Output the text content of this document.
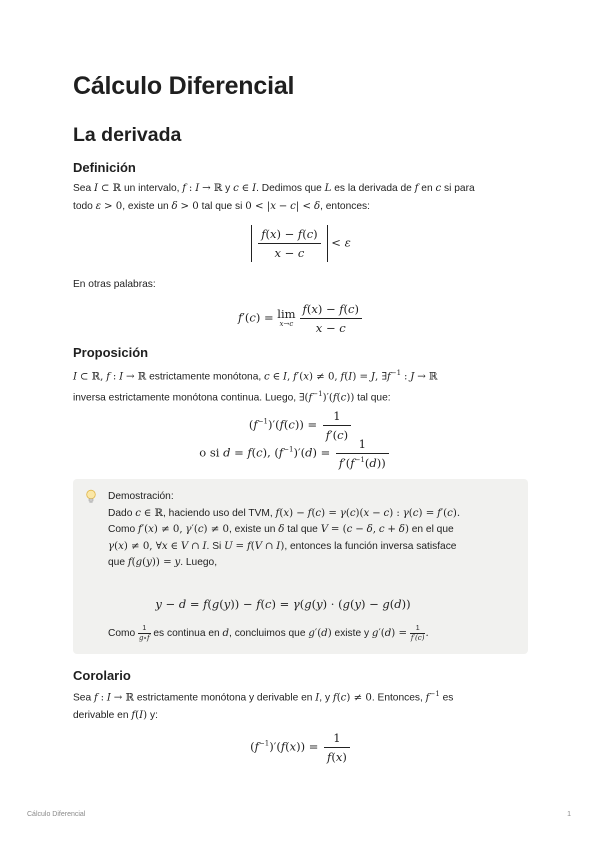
Cálculo Diferencial
La derivada
Definición
Sea I ⊂ ℝ un intervalo, f : I → ℝ y c ∈ I. Dedimos que L es la derivada de f en c si para
todo ε > 0, existe un δ > 0 tal que si 0 < |x − c| < δ, entonces:
$\frac{f(x) - f(c)}{x - c} < \varepsilon$
En otras palabras:
f′(c) = lim
$x\to c \frac{f(x) - f(c)}{x - c}$
Proposición
I ⊂ ℝ, f : I → ℝ estrictamente monótona, c ∈ I, f′(x) ≠ 0, f(I) = J, $\exists f^{-1}$ : J → ℝ
inversa estrictamente monótona continua. Luego, $\exists(f^{-1})'(f(c))$ tal que:
$(f^{-1})'(f(c)) = \frac{1}{f'(c)}$
o si d = f(c), $(f^{-1})'(d) = \frac{1}{f'(f^{-1}(d))}$
Corolario
Sea f : I → ℝ estrictamente monótona y derivable en I, y f(c) ≠ 0. Entonces, $f^{-1}$ es
derivable en f(I) y:
$(f^{-1})'(f(x)) = \frac{1}{f(x)}$
Demostración:
Dado c ∈ ℝ, haciendo uso del TVM, f(x) − f(c) = γ(c)(x − c) : γ(c) = f′(c).
Como f′(x) ≠ 0, γ′(c) ≠ 0, existe un δ tal que V = (c − δ, c + δ) en el que
γ(x) ≠ 0, ∀x ∈ V ∩ I. Si U = f(V ∩ I), entonces la función inversa satisface
que f(g(y)) = y. Luego,
y − d = f(g(y)) − f(c) = γ(g(y) · (g(y) − g(d))
Como $\frac{1}{g\circ f}$ es continua en d, concluimos que g′(d) existe y $g'(d) = \frac{1}{f'(c)}$ .
Cálculo Diferencial	1
